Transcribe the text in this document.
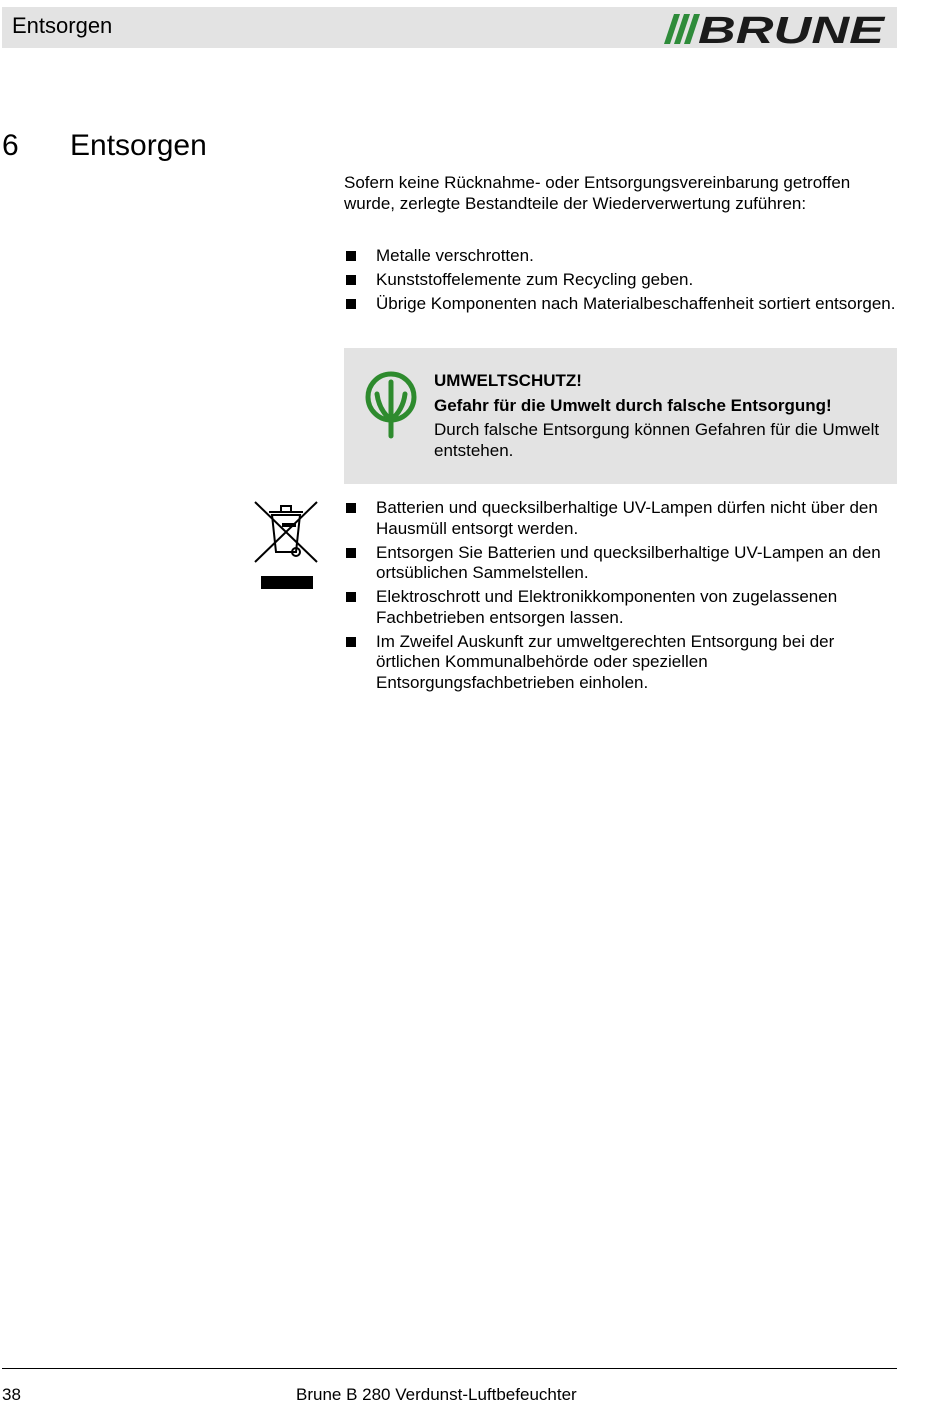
Entsorgen	BRUNE
6 Entsorgen
Sofern keine Rücknahme- oder Entsorgungsvereinbarung getroffen wurde, zerlegte Bestandteile der Wiederverwertung zuführen:
Metalle verschrotten.
Kunststoffelemente zum Recycling geben.
Übrige Komponenten nach Materialbeschaffenheit sortiert entsorgen.
UMWELTSCHUTZ!
Gefahr für die Umwelt durch falsche Entsorgung!
Durch falsche Entsorgung können Gefahren für die Umwelt entstehen.
Batterien und quecksilberhaltige UV-Lampen dürfen nicht über den Hausmüll entsorgt werden.
Entsorgen Sie Batterien und quecksilberhaltige UV-Lampen an den ortsüblichen Sammelstellen.
Elektroschrott und Elektronikkomponenten von zugelassenen Fachbetrieben entsorgen lassen.
Im Zweifel Auskunft zur umweltgerechten Entsorgung bei der örtlichen Kommunalbehörde oder speziellen Entsorgungsfachbetrieben einholen.
38	Brune B 280 Verdunst-Luftbefeuchter
